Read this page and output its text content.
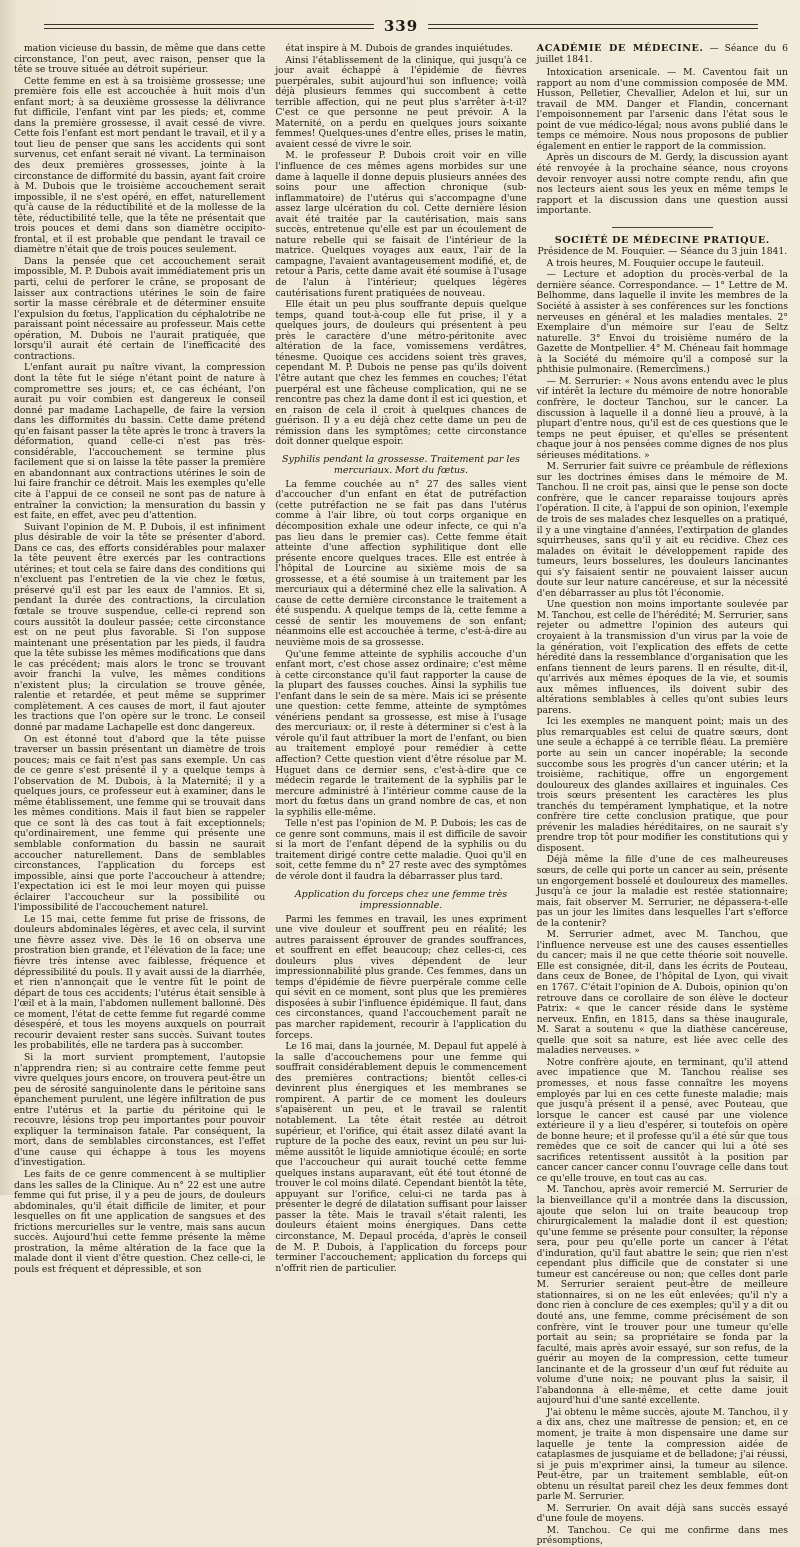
339

mation vicieuse du bassin, de même que dans cette circonstance, l'on peut, avec raison, penser que la tête se trouve située au détroit supérieur.

Cette femme en est à sa troisième grossesse; une première fois elle est accouchée à huit mois d'un enfant mort; à sa deuxième grossesse la délivrance fut difficile, l'enfant vint par les pieds; et, comme dans la première grossesse, il avait cessé de vivre. Cette fois l'enfant est mort pendant le travail, et il y a tout lieu de penser que sans les accidents qui sont survenus, cet enfant serait né vivant. La terminaison des deux premières grossesses, jointe à la circonstance de difformité du bassin, ayant fait croire à M. Dubois que le troisième accouchement serait impossible, il ne s'est opéré, en effet, naturellement qu'à cause de la réductibilité et de la mollesse de la tête, réductibilité telle, que la tête ne présentait que trois pouces et demi dans son diamètre occipito-frontal, et il est probable que pendant le travail ce diamètre n'était que de trois pouces seulement.

Dans la pensée que cet accouchement serait impossible, M. P. Dubois avait immédiatement pris un parti, celui de perforer le crâne, se proposant de laisser aux contractions utérines le soin de faire sortir la masse cérébrale et de déterminer ensuite l'expulsion du fœtus, l'application du céphalotribe ne paraissant point nécessaire au professeur. Mais cette opération, M. Dubois ne l'aurait pratiquée, que lorsqu'il aurait été certain de l'inefficacité des contractions.

L'enfant aurait pu naître vivant, la compression dont la tête fut le siége n'étant point de nature à compromettre ses jours; et, ce cas échéant, l'on aurait pu voir combien est dangereux le conseil donné par madame Lachapelle, de faire la version dans les difformités du bassin. Cette dame prétend qu'en faisant passer la tête après le tronc à travers la déformation, quand celle-ci n'est pas très-considérable, l'accouchement se termine plus facilement que si on laisse la tête passer la première en abandonnant aux contractions utérines le soin de lui faire franchir ce détroit. Mais les exemples qu'elle cite à l'appui de ce conseil ne sont pas de nature à entraîner la conviction; la mensuration du bassin y est faite, en effet, avec peu d'attention.

Suivant l'opinion de M. P. Dubois, il est infiniment plus désirable de voir la tête se présenter d'abord. Dans ce cas, des efforts considérables pour malaxer la tête peuvent être exercés par les contractions utérines; et tout cela se faire dans des conditions qui n'excluent pas l'entretien de la vie chez le fœtus, préservé qu'il est par les eaux de l'amnios. Et si, pendant la durée des contractions, la circulation fœtale se trouve suspendue, celle-ci reprend son cours aussitôt la douleur passée; cette circonstance est on ne peut plus favorable. Si l'on suppose maintenant une présentation par les pieds, il faudra que la tête subisse les mêmes modifications que dans le cas précédent; mais alors le tronc se trouvant avoir franchi la vulve, les mêmes conditions n'existent plus; la circulation se trouve gênée, ralentie et retardée, et peut même se supprimer complètement. A ces causes de mort, il faut ajouter les tractions que l'on opère sur le tronc. Le conseil donné par madame Lachapelle est donc dangereux.

On est étonné tout d'abord que la tête puisse traverser un bassin présentant un diamètre de trois pouces; mais ce fait n'est pas sans exemple. Un cas de ce genre s'est présenté il y a quelque temps à l'observation de M. Dubois, à la Maternité; il y a quelques jours, ce professeur eut à examiner, dans le même établissement, une femme qui se trouvait dans les mêmes conditions. Mais il faut bien se rappeler que ce sont là des cas tout à fait exceptionnels; qu'ordinairement, une femme qui présente une semblable conformation du bassin ne saurait accoucher naturellement. Dans de semblables circonstances, l'application du forceps est impossible, ainsi que porte l'accoucheur à attendre; l'expectation ici est le moi leur moyen qui puisse éclairer l'accoucheur sur la possibilité ou l'impossibilité de l'accouchement naturel.

Le 15 mai, cette femme fut prise de frissons, de douleurs abdominales légères, et avec cela, il survint une fièvre assez vive. Dès le 16 on observa une prostration bien grande, et l'élévation de la face; une fièvre très intense avec faiblesse, fréquence et dépressibilité du pouls. Il y avait aussi de la diarrhée, et rien n'annonçait que le ventre fût le point de départ de tous ces accidents; l'utérus était sensible à l'œil et à la main, l'abdomen nullement ballonné. Dès ce moment, l'état de cette femme fut regardé comme désespéré, et tous les moyens auxquels on pourrait recourir devaient rester sans succès. Suivant toutes les probabilités, elle ne tardera pas à succomber.

Si la mort survient promptement, l'autopsie n'apprendra rien; si au contraire cette femme peut vivre quelques jours encore, on trouvera peut-être un peu de sérosité sanguinolente dans le péritoine sans épanchement purulent, une légère infiltration de pus entre l'utérus et la partie du péritoine qui le recouvre, lésions trop peu importantes pour pouvoir expliquer la terminaison fatale. Par conséquent, la mort, dans de semblables circonstances, est l'effet d'une cause qui échappe à tous les moyens d'investigation.

Les faits de ce genre commencent à se multiplier dans les salles de la Clinique. Au n° 22 est une autre femme qui fut prise, il y a peu de jours, de douleurs abdominales, qu'il était difficile de limiter, et pour lesquelles on fit une application de sangsues et des frictions mercurielles sur le ventre, mais sans aucun succès. Aujourd'hui cette femme présente la même prostration, la même altération de la face que la malade dont il vient d'être question. Chez celle-ci, le pouls est fréquent et dépressible, et son

état inspire à M. Dubois de grandes inquiétudes.

Ainsi l'établissement de la clinique, qui jusqu'à ce jour avait échappé à l'épidémie de fièvres puerpérales, subit aujourd'hui son influence; voilà déjà plusieurs femmes qui succombent à cette terrible affection, qui ne peut plus s'arrêter à-t-il? C'est ce que personne ne peut prévoir. A la Maternité, on a perdu en quelques jours soixante femmes! Quelques-unes d'entre elles, prises le matin, avaient cessé de vivre le soir.

M. le professeur P. Dubois croit voir en ville l'influence de ces mêmes agens morbides sur une dame à laquelle il donne depuis plusieurs années des soins pour une affection chronique (sub-inflammatoire) de l'utérus qui s'accompagne d'une assez large ulcération du col. Cette dernière lésion avait été traitée par la cautérisation, mais sans succès, entretenue qu'elle est par un écoulement de nature rebelle qui se faisait de l'intérieur de la matrice. Quelques voyages aux eaux, l'air de la campagne, l'avaient avantageusement modifié, et, de retour à Paris, cette dame avait été soumise à l'usage de l'alun à l'intérieur; quelques légères cautérisations furent pratiquées de nouveau.

Elle était un peu plus souffrante depuis quelque temps, quand tout-à-coup elle fut prise, il y a quelques jours, de douleurs qui présentent à peu près le caractère d'une métro-péritonite avec altération de la face, vomissemens verdâtres, ténesme. Quoique ces accidens soient très graves, cependant M. P. Dubois ne pense pas qu'ils doivent l'être autant que chez les femmes en couches; l'état puerpéral est une fâcheuse complication, qui ne se rencontre pas chez la dame dont il est ici question, et en raison de cela il croit à quelques chances de guérison. Il y a eu déjà chez cette dame un peu de rémission dans les symptômes; cette circonstance doit donner quelque espoir.

Syphilis pendant la grossesse. Traitement par les mercuriaux. Mort du fœtus.

La femme couchée au n° 27 des salles vient d'accoucher d'un enfant en état de putréfaction (cette putréfaction ne se fait pas dans l'utérus comme à l'air libre, où tout corps organique en décomposition exhale une odeur infecte, ce qui n'a pas lieu dans le premier cas). Cette femme était atteinte d'une affection syphilitique dont elle présente encore quelques traces. Elle est entrée à l'hôpital de Lourcine au sixième mois de sa grossesse, et a été soumise à un traitement par les mercuriaux qui a déterminé chez elle la salivation. A cause de cette dernière circonstance le traitement a été suspendu. A quelque temps de là, cette femme a cessé de sentir les mouvemens de son enfant; néanmoins elle est accouchée à terme, c'est-à-dire au neuvième mois de sa grossesse.

Qu'une femme atteinte de syphilis accouche d'un enfant mort, c'est chose assez ordinaire; c'est même à cette circonstance qu'il faut rapporter la cause de la plupart des fausses couches. Ainsi la syphilis tue l'enfant dans le sein de sa mère. Mais ici se présente une question: cette femme, atteinte de symptômes vénériens pendant sa grossesse, est mise à l'usage des mercuriaux: or, il reste à déterminer si c'est à la vérole qu'il faut attribuer la mort de l'enfant, ou bien au traitement employé pour remédier à cette affection? Cette question vient d'être résolue par M. Huguet dans ce dernier sens, c'est-à-dire que ce médecin regarde le traitement de la syphilis par le mercure administré à l'intérieur comme cause de la mort du fœtus dans un grand nombre de cas, et non la syphilis elle-même.

Telle n'est pas l'opinion de M. P. Dubois; les cas de ce genre sont communs, mais il est difficile de savoir si la mort de l'enfant dépend de la syphilis ou du traitement dirigé contre cette maladie. Quoi qu'il en soit, cette femme du n° 27 reste avec des symptômes de vérole dont il faudra la débarrasser plus tard.

Application du forceps chez une femme très impressionnable.

Parmi les femmes en travail, les unes expriment une vive douleur et souffrent peu en réalité; les autres paraissent éprouver de grandes souffrances, et souffrent en effet beaucoup; chez celles-ci, ces douleurs plus vives dépendent de leur impressionnabilité plus grande. Ces femmes, dans un temps d'épidémie de fièvre puerpérale comme celle qui sévit en ce moment, sont plus que les premières disposées à subir l'influence épidémique. Il faut, dans ces circonstances, quand l'accouchement paraît ne pas marcher rapidement, recourir à l'application du forceps.

Le 16 mai, dans la journée, M. Depaul fut appelé à la salle d'accouchemens pour une femme qui souffrait considérablement depuis le commencement des premières contractions; bientôt celles-ci devinrent plus énergiques et les membranes se rompirent. A partir de ce moment les douleurs s'apaisèrent un peu, et le travail se ralentit notablement. La tête était restée au détroit supérieur, et l'orifice, qui était assez dilaté avant la rupture de la poche des eaux, revint un peu sur lui-même aussitôt le liquide amniotique écoulé; en sorte que l'accoucheur qui aurait touché cette femme quelques instans auparavant, eût été tout étonné de trouver le col moins dilaté. Cependant bientôt la tête, appuyant sur l'orifice, celui-ci ne tarda pas à présenter le degré de dilatation suffisant pour laisser passer la tête. Mais le travail s'était ralenti, les douleurs étaient moins énergiques. Dans cette circonstance, M. Depaul procéda, d'après le conseil de M. P. Dubois, à l'application du forceps pour terminer l'accouchement; application du forceps qui n'offrit rien de particulier.

ACADÉMIE DE MÉDECINE. — Séance du 6 juillet 1841.

Intoxication arsenicale. — M. Caventou fait un rapport au nom d'une commission composée de MM. Husson, Pelletier, Chevallier, Adelon et lui, sur un travail de MM. Danger et Flandin, concernant l'empoisonnement par l'arsenic dans l'état sous le point de vue médico-légal; nous avons publié dans le temps ce mémoire. Nous nous proposons de publier également en entier le rapport de la commission.

Après un discours de M. Gerdy, la discussion ayant été renvoyée à la prochaine séance, nous croyons devoir renvoyer aussi notre compte rendu, afin que nos lecteurs aient sous les yeux en même temps le rapport et la discussion dans une question aussi importante.

SOCIÉTÉ DE MÉDECINE PRATIQUE.

Présidence de M. Fouquier. — Séance du 3 juin 1841.

A trois heures, M. Fouquier occupe le fauteuil.

— Lecture et adoption du procès-verbal de la dernière séance. Correspondance. — 1° Lettre de M. Belhomme, dans laquelle il invite les membres de la Société à assister à ses conférences sur les fonctions nerveuses en général et les maladies mentales. 2° Exemplaire d'un mémoire sur l'eau de Seltz naturelle. 3° Envoi du troisième numéro de la Gazette de Montpellier. 4° M. Chéneau fait hommage à la Société du mémoire qu'il a composé sur la phthisie pulmonaire. (Remercîmens.)

— M. Serrurier: « Nous avons entendu avec le plus vif intérêt la lecture du mémoire de notre honorable confrère, le docteur Tanchou, sur le cancer. La discussion à laquelle il a donné lieu a prouvé, à la plupart d'entre nous, qu'il est de ces questions que le temps ne peut épuiser, et qu'elles se présentent chaque jour à nos pensées comme dignes de nos plus sérieuses méditations. »

M. Serrurier fait suivre ce préambule de réflexions sur les doctrines émises dans le mémoire de M. Tanchou. Il ne croit pas, ainsi que le pense son docte confrère, que le cancer reparaisse toujours après l'opération. Il cite, à l'appui de son opinion, l'exemple de trois de ses malades chez lesquelles on a pratiqué, il y a une vingtaine d'années, l'extirpation de glandes squirrheuses, sans qu'il y ait eu récidive. Chez ces malades on évitait le développement rapide des tumeurs, leurs bosselures, les douleurs lancinantes qui s'y faisaient sentir ne pouvaient laisser aucun doute sur leur nature cancéreuse, et sur la nécessité d'en débarrasser au plus tôt l'économie.

Une question non moins importante soulevée par M. Tanchou, est celle de l'hérédité; M. Serrurier, sans rejeter ou admettre l'opinion des auteurs qui croyaient à la transmission d'un virus par la voie de la génération, voit l'explication des effets de cette hérédité dans la ressemblance d'organisation que les enfans tiennent de leurs parens. Il en résulte, dit-il, qu'arrivés aux mêmes époques de la vie, et soumis aux mêmes influences, ils doivent subir des altérations semblables à celles qu'ont subies leurs parens.

Ici les exemples ne manquent point; mais un des plus remarquables est celui de quatre sœurs, dont une seule a échappé à ce terrible fléau. La première porte au sein un cancer inopérable; la seconde succombe sous les progrès d'un cancer utérin; et la troisième, rachitique, offre un engorgement douloureux des glandes axillaires et inguinales. Ces trois sœurs présentent les caractères les plus tranchés du tempérament lymphatique, et la notre confrère tire cette conclusion pratique, que pour prévenir les maladies héréditaires, on ne saurait s'y prendre trop tôt pour modifier les constitutions qui y disposent.

Déjà même la fille d'une de ces malheureuses sœurs, de celle qui porte un cancer au sein, présente un engorgement bosselé et douloureux des mamelles. Jusqu'à ce jour la maladie est restée stationnaire; mais, fait observer M. Serrurier, ne dépassera-t-elle pas un jour les limites dans lesquelles l'art s'efforce de la contenir?

M. Serrurier admet, avec M. Tanchou, que l'influence nerveuse est une des causes essentielles du cancer; mais il ne que cette théorie soit nouvelle. Elle est consignée, dit-il, dans les écrits de Pouteau, dans ceux de Bonee, de l'hôpital de Lyon, qui vivait en 1767. C'était l'opinion de A. Dubois, opinion qu'on retrouve dans ce corollaire de son élève le docteur Patrix: « que le cancer réside dans le système nerveux. Enfin, en 1815, dans sa thèse inaugurale, M. Sarat a soutenu « que la diathèse cancéreuse, quelle que soit sa nature, est liée avec celle des maladies nerveuses. »

Notre confrère ajoute, en terminant, qu'il attend avec impatience que M. Tanchou réalise ses promesses, et nous fasse connaître les moyens employés par lui en ces cette funeste maladie; mais que jusqu'à présent il a pensé, avec Pouteau, que lorsque le cancer est causé par une violence extérieure il y a lieu d'espérer, si toutefois on opère de bonne heure; et il professe qu'il a été sûr que tous remèdes que ce soit de cancer qui lui a ôté ses sacrifices retentissent aussitôt à la position par cancer cancer cancer connu l'ouvrage celle dans tout ce qu'elle trouve, en tout cas au cas.

M. Tanchou, après avoir remercié M. Serrurier de la bienveillance qu'il a montrée dans la discussion, ajoute que selon lui on traite beaucoup trop chirurgicalement la maladie dont il est question; qu'une femme se présente pour consulter, la réponse sera, pour peu qu'elle porte un cancer à l'état d'induration, qu'il faut abattre le sein; que rien n'est cependant plus difficile que de constater si une tumeur est cancéreuse ou non; que celles dont parle M. Serrurier seraient peut-être de meilleure stationnaires, si on ne les eût enlevées; qu'il n'y a donc rien à conclure de ces exemples; qu'il y a dit ou douté ans, une femme, comme précisément de son confrère, vint le trouver pour une tumeur qu'elle portait au sein; sa propriétaire se fonda par la faculté, mais après avoir essayé, sur son refus, de la guérir au moyen de la compression, cette tumeur lancinante et de la grosseur d'un œuf fut réduite au volume d'une noix; ne pouvant plus la saisir, il l'abandonna à elle-même, et cette dame jouit aujourd'hui d'une santé excellente.

J'ai obtenu le même succès, ajoute M. Tanchou, il y a dix ans, chez une maîtresse de pension; et, en ce moment, je traite à mon dispensaire une dame sur laquelle je tente la compression aidée de cataplasmes de jusquiame et de belladone; j'ai réussi, si je puis m'exprimer ainsi, la tumeur au silence. Peut-être, par un traitement semblable, eût-on obtenu un résultat pareil chez les deux femmes dont parle M. Serrurier.

M. Serrurier. On avait déjà sans succès essayé d'une foule de moyens.

M. Tanchou. Ce qui me confirme dans mes présomptions,
